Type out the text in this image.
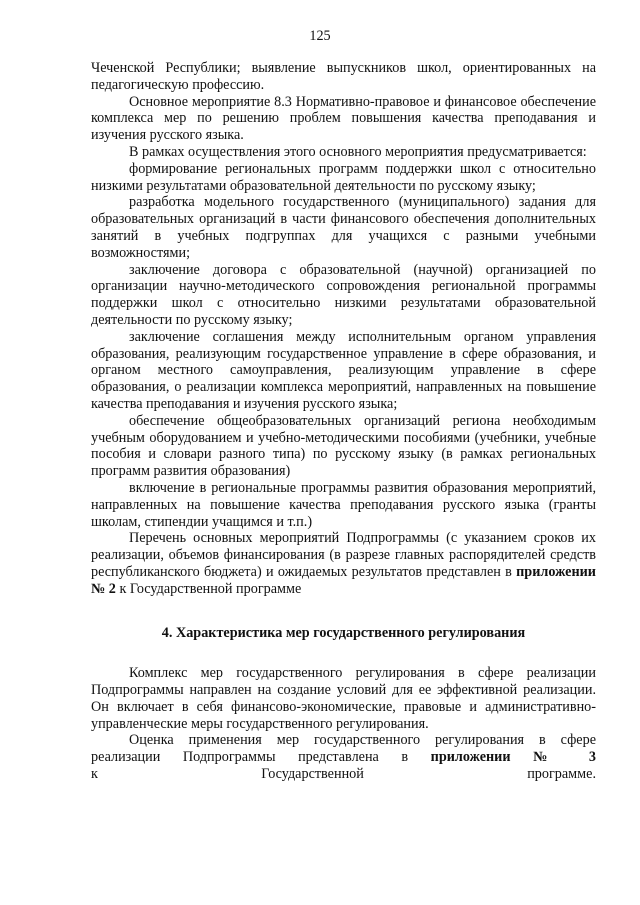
125

Чеченской Республики; выявление выпускников школ, ориентированных на педагогическую профессию.

Основное мероприятие 8.3 Нормативно-правовое и финансовое обеспечение комплекса мер по решению проблем повышения качества преподавания и изучения русского языка.

В рамках осуществления этого основного мероприятия предусматривается:

формирование региональных программ поддержки школ с относительно низкими результатами образовательной деятельности по русскому языку;

разработка модельного государственного (муниципального) задания для образовательных организаций в части финансового обеспечения дополнительных занятий в учебных подгруппах для учащихся с разными учебными возможностями;

заключение договора с образовательной (научной) организацией по организации научно-методического сопровождения региональной программы поддержки школ с относительно низкими результатами образовательной деятельности по русскому языку;

заключение соглашения между исполнительным органом управления образования, реализующим государственное управление в сфере образования, и органом местного самоуправления, реализующим управление в сфере образования, о реализации комплекса мероприятий, направленных на повышение качества преподавания и изучения русского языка;

обеспечение общеобразовательных организаций региона необходимым учебным оборудованием и учебно-методическими пособиями (учебники, учебные пособия и словари разного типа) по русскому языку (в рамках региональных программ развития образования)

включение в региональные программы развития образования мероприятий, направленных на повышение качества преподавания русского языка (гранты школам, стипендии учащимся и т.п.)

Перечень основных мероприятий Подпрограммы (с указанием сроков их реализации, объемов финансирования (в разрезе главных распорядителей средств республиканского бюджета) и ожидаемых результатов представлен в приложении № 2 к Государственной программе

4. Характеристика мер государственного регулирования

Комплекс мер государственного регулирования в сфере реализации Подпрограммы направлен на создание условий для ее эффективной реализации. Он включает в себя финансово-экономические, правовые и административно-управленческие меры государственного регулирования.

Оценка применения мер государственного регулирования в сфере реализации Подпрограммы представлена в приложении № 3
к Государственной программе.
